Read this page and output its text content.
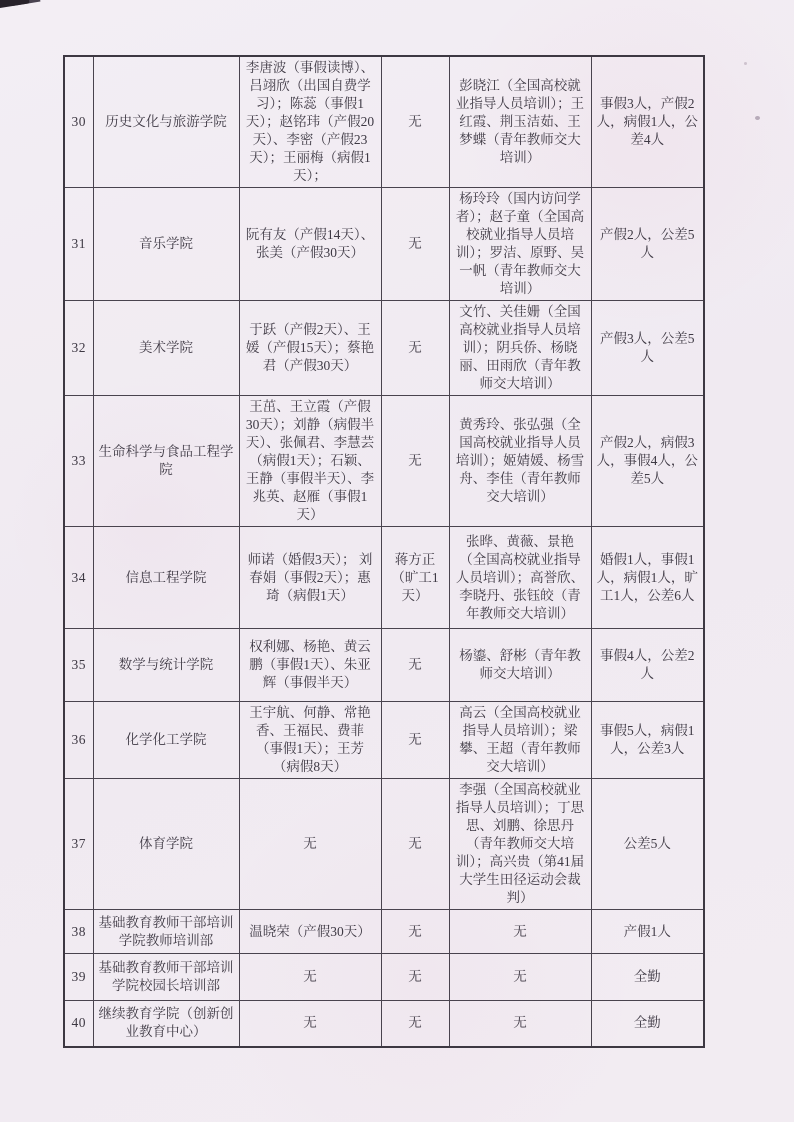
30	历史文化与旅游学院	李唐波（事假读博）、吕翊欣（出国自费学习）；陈蕊（事假1天）；赵铭玮（产假20天）、李密（产假23天）；王丽梅（病假1天）；	无	彭晓江（全国高校就业指导人员培训）；王红霞、荆玉洁茹、王梦蝶（青年教师交大培训）	事假3人，产假2人，病假1人，公差4人
31	音乐学院	阮有友（产假14天）、张美（产假30天）	无	杨玲玲（国内访问学者）；赵子童（全国高校就业指导人员培训）；罗洁、原野、吴一帆（青年教师交大培训）	产假2人，公差5人
32	美术学院	于跃（产假2天）、王媛（产假15天）；蔡艳君（产假30天）	无	文竹、关佳姗（全国高校就业指导人员培训）；阴兵侨、杨晓丽、田雨欣（青年教师交大培训）	产假3人，公差5人
33	生命科学与食品工程学院	王茁、王立霞（产假30天）；刘静（病假半天）、张佩君、李慧芸（病假1天）；石颖、王静（事假半天）、李兆英、赵雁（事假1天）	无	黄秀玲、张弘强（全国高校就业指导人员培训）；姬婧媛、杨雪舟、李佳（青年教师交大培训）	产假2人，病假3人，事假4人，公差5人
34	信息工程学院	师诺（婚假3天）； 刘春娟（事假2天）；惠琦（病假1天）	蒋方正（旷工1天）	张晔、黄薇、景艳（全国高校就业指导人员培训）；高誉欣、李晓丹、张钰皎（青年教师交大培训）	婚假1人，事假1人，病假1人，旷工1人，公差6人
35	数学与统计学院	权利娜、杨艳、黄云鹏（事假1天）、朱亚辉（事假半天）	无	杨鎏、舒彬（青年教师交大培训）	事假4人，公差2人
36	化学化工学院	王宇航、何静、常艳香、王福民、费菲（事假1天）；王芳（病假8天）	无	高云（全国高校就业指导人员培训）；梁攀、王超（青年教师交大培训）	事假5人，病假1人，公差3人
37	体育学院	无	无	李强（全国高校就业指导人员培训）；丁思思、刘鹏、徐思丹（青年教师交大培训）；高兴贵（第41届大学生田径运动会裁判）	公差5人
38	基础教育教师干部培训学院教师培训部	温晓荣（产假30天）	无	无	产假1人
39	基础教育教师干部培训学院校园长培训部	无	无	无	全勤
40	继续教育学院（创新创业教育中心）	无	无	无	全勤
